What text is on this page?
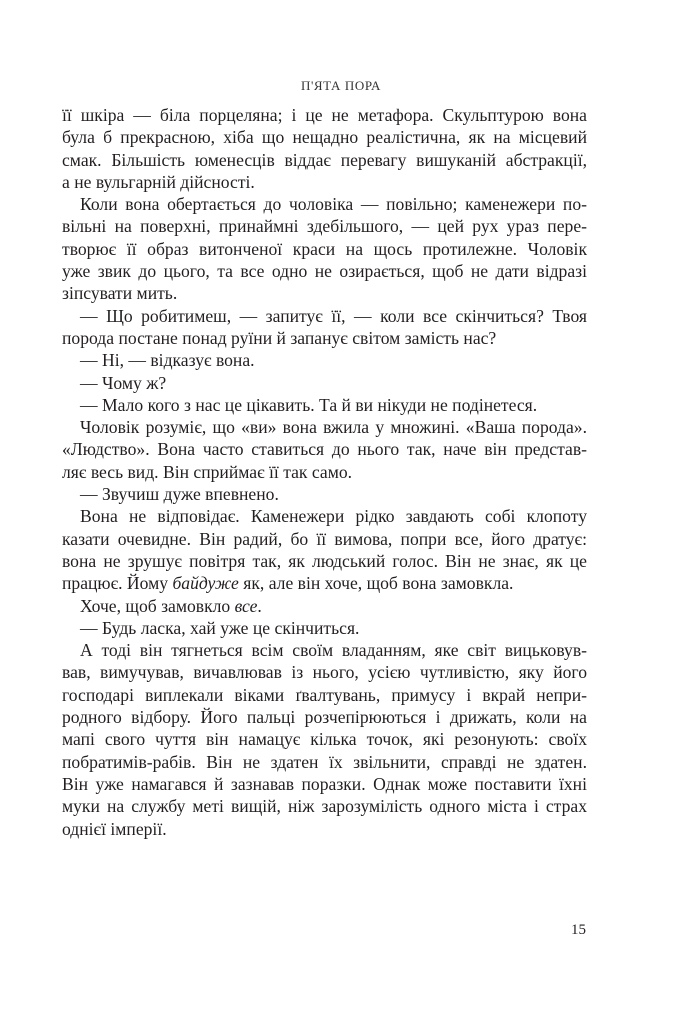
П'ЯТА ПОРА
її шкіра — біла порцеляна; і це не метафора. Скульптурою вона
була б прекрасною, хіба що нещадно реалістична, як на місцевий
смак. Більшість юменесців віддає перевагу вишуканій абстракції,
а не вульгарній дійсності.
Коли вона обертається до чоловіка — повільно; каменежери по-
вільні на поверхні, принаймні здебільшого, — цей рух ураз пере-
творює її образ витонченої краси на щось протилежне. Чоловік
уже звик до цього, та все одно не озирається, щоб не дати відразі
зіпсувати мить.
— Що робитимеш, — запитує її, — коли все скінчиться? Твоя
порода постане понад руїни й запанує світом замість нас?
— Ні, — відказує вона.
— Чому ж?
— Мало кого з нас це цікавить. Та й ви нікуди не подінетеся.
Чоловік розуміє, що «ви» вона вжила у множині. «Ваша порода».
«Людство». Вона часто ставиться до нього так, наче він представ-
ляє весь вид. Він сприймає її так само.
— Звучиш дуже впевнено.
Вона не відповідає. Каменежери рідко завдають собі клопоту
казати очевидне. Він радий, бо її вимова, попри все, його дратує:
вона не зрушує повітря так, як людський голос. Він не знає, як це
працює. Йому байдуже як, але він хоче, щоб вона замовкла.
Хоче, щоб замовкло все.
— Будь ласка, хай уже це скінчиться.
А тоді він тягнеться всім своїм владанням, яке світ вицьковув-
вав, вимучував, вичавлював із нього, усією чутливістю, яку його
господарі виплекали віками ґвалтувань, примусу і вкрай непри-
родного відбору. Його пальці розчепірюються і дрижать, коли на
мапі свого чуття він намацує кілька точок, які резонують: своїх
побратимів-рабів. Він не здатен їх звільнити, справді не здатен.
Він уже намагався й зазнавав поразки. Однак може поставити їхні
муки на службу меті вищій, ніж зарозумілість одного міста і страх
однієї імперії.
15
